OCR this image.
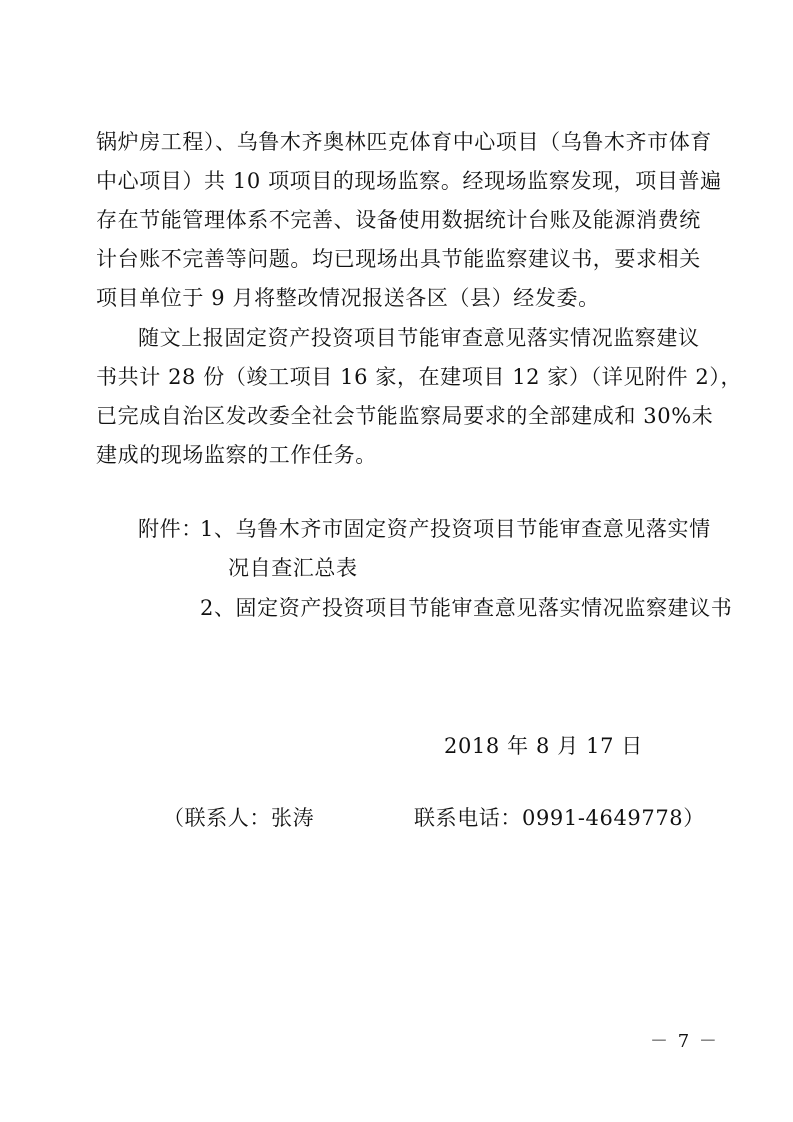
锅炉房工程）、乌鲁木齐奥林匹克体育中心项目（乌鲁木齐市体育
中心项目）共 10 项项目的现场监察。经现场监察发现，项目普遍
存在节能管理体系不完善、设备使用数据统计台账及能源消费统
计台账不完善等问题。均已现场出具节能监察建议书，要求相关
项目单位于 9 月将整改情况报送各区（县）经发委。
随文上报固定资产投资项目节能审查意见落实情况监察建议
书共计 28 份（竣工项目 16 家，在建项目 12 家）（详见附件 2），
已完成自治区发改委全社会节能监察局要求的全部建成和 30%未
建成的现场监察的工作任务。
附件：
1、乌鲁木齐市固定资产投资项目节能审查意见落实情
况自查汇总表
2、固定资产投资项目节能审查意见落实情况监察建议书
2018 年 8 月 17 日
（联系人：张涛	联系电话：0991-4649778）
－ 7 －
